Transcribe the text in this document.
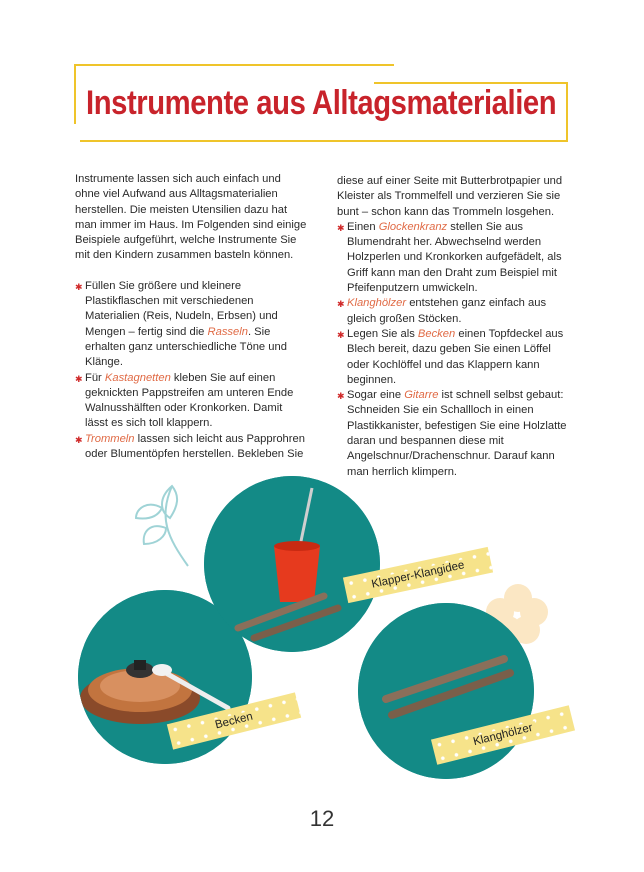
Instrumente aus Alltagsmaterialien

Instrumente lassen sich auch einfach und ohne viel Aufwand aus Alltagsmaterialien herstellen. Die meisten Utensilien dazu hat man immer im Haus. Im Folgenden sind einige Beispiele aufgeführt, welche Instrumente Sie mit den Kindern zusammen basteln können.

✱ Füllen Sie größere und kleinere Plastikflaschen mit verschiedenen Materialien (Reis, Nudeln, Erbsen) und Mengen – fertig sind die Rasseln. Sie erhalten ganz unterschiedliche Töne und Klänge.
✱ Für Kastagnetten kleben Sie auf einen geknickten Pappstreifen am unteren Ende Walnusshälften oder Kronkorken. Damit lässt es sich toll klappern.
✱ Trommeln lassen sich leicht aus Papprohren oder Blumentöpfen herstellen. Bekleben Sie

diese auf einer Seite mit Butterbrotpapier und Kleister als Trommelfell und verzieren Sie sie bunt – schon kann das Trommeln losgehen.

✱ Einen Glockenkranz stellen Sie aus Blumendraht her. Abwechselnd werden Holzperlen und Kronkorken aufgefädelt, als Griff kann man den Draht zum Beispiel mit Pfeifenputzern umwickeln.
✱ Klanghölzer entstehen ganz einfach aus gleich großen Stöcken.
✱ Legen Sie als Becken einen Topfdeckel aus Blech bereit, dazu geben Sie einen Löffel oder Kochlöffel und das Klappern kann beginnen.
✱ Sogar eine Gitarre ist schnell selbst gebaut: Schneiden Sie ein Schallloch in einen Plastikkanister, befestigen Sie eine Holzlatte daran und bespannen diese mit Angelschnur/Drachenschnur. Darauf kann man herrlich klimpern.
Becken
Klapper-Klangidee
Klanghölzer
12
